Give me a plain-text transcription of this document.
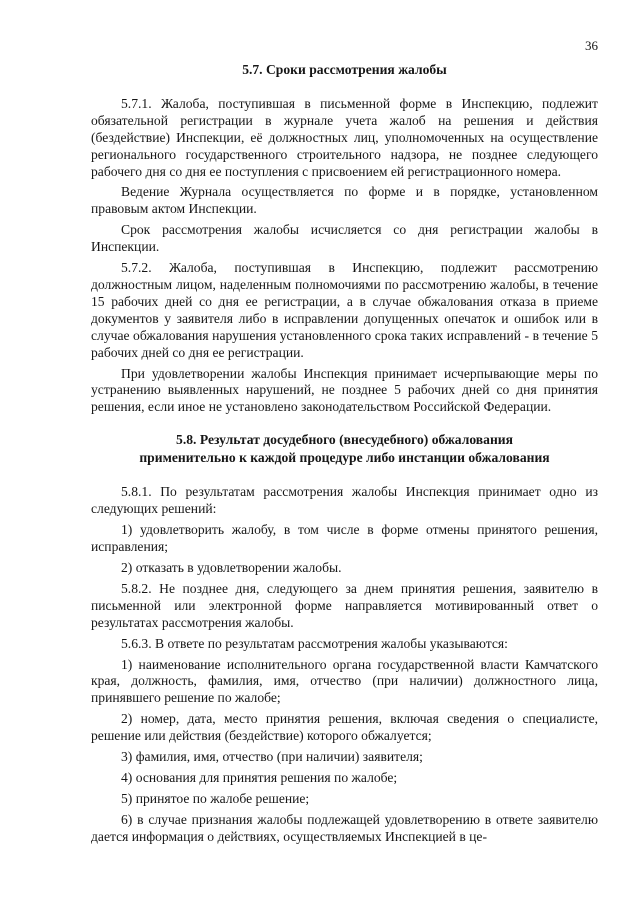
36
5.7. Сроки рассмотрения жалобы

5.7.1. Жалоба, поступившая в письменной форме в Инспекцию, подлежит обязательной регистрации в журнале учета жалоб на решения и действия (бездействие) Инспекции, её должностных лиц, уполномоченных на осуществление регионального государственного строительного надзора, не позднее следующего рабочего дня со дня ее поступления с присвоением ей регистрационного номера.

Ведение Журнала осуществляется по форме и в порядке, установленном правовым актом Инспекции.

Срок рассмотрения жалобы исчисляется со дня регистрации жалобы в Инспекции.

5.7.2. Жалоба, поступившая в Инспекцию, подлежит рассмотрению должностным лицом, наделенным полномочиями по рассмотрению жалобы, в течение 15 рабочих дней со дня ее регистрации, а в случае обжалования отказа в приеме документов у заявителя либо в исправлении допущенных опечаток и ошибок или в случае обжалования нарушения установленного срока таких исправлений - в течение 5 рабочих дней со дня ее регистрации.

При удовлетворении жалобы Инспекция принимает исчерпывающие меры по устранению выявленных нарушений, не позднее 5 рабочих дней со дня принятия решения, если иное не установлено законодательством Российской Федерации.

5.8. Результат досудебного (внесудебного) обжалования
применительно к каждой процедуре либо инстанции обжалования

5.8.1. По результатам рассмотрения жалобы Инспекция принимает одно из следующих решений:

1) удовлетворить жалобу, в том числе в форме отмены принятого решения, исправления;

2) отказать в удовлетворении жалобы.

5.8.2. Не позднее дня, следующего за днем принятия решения, заявителю в письменной или электронной форме направляется мотивированный ответ о результатах рассмотрения жалобы.

5.6.3. В ответе по результатам рассмотрения жалобы указываются:

1) наименование исполнительного органа государственной власти Камчатского края, должность, фамилия, имя, отчество (при наличии) должностного лица, принявшего решение по жалобе;

2) номер, дата, место принятия решения, включая сведения о специалисте, решение или действия (бездействие) которого обжалуется;

3) фамилия, имя, отчество (при наличии) заявителя;

4) основания для принятия решения по жалобе;

5) принятое по жалобе решение;

6) в случае признания жалобы подлежащей удовлетворению в ответе заявителю дается информация о действиях, осуществляемых Инспекцией в це-
